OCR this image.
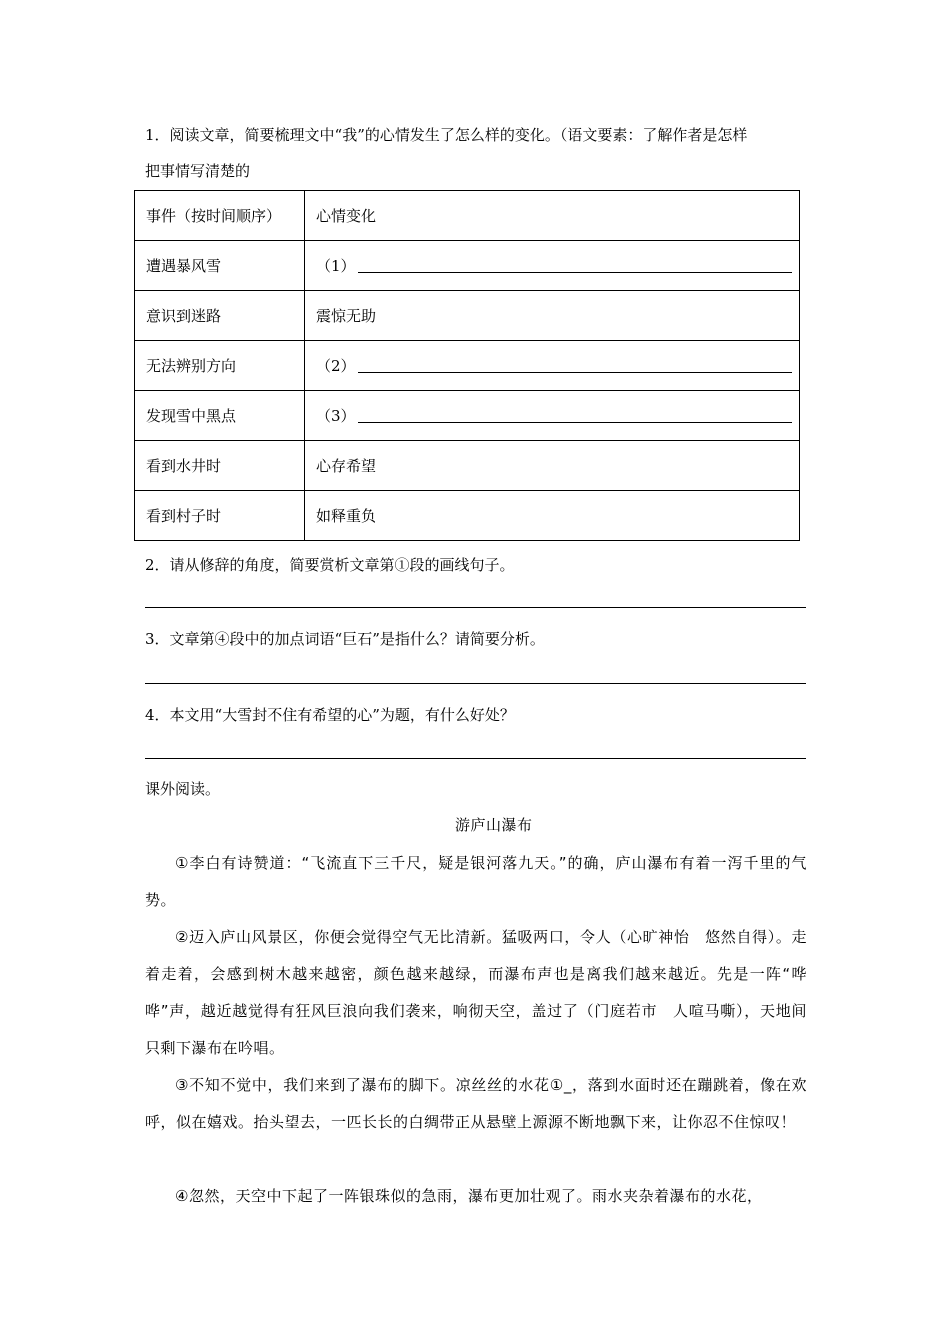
1．阅读文章，简要梳理文中“我”的心情发生了怎么样的变化。（语文要素：了解作者是怎样
把事情写清楚的
事件（按时间顺序）	心情变化
遭遇暴风雪	（1）

意识到迷路	震惊无助
无法辨别方向	（2）

发现雪中黑点	（3）

看到水井时	心存希望
看到村子时	如释重负
2．请从修辞的角度，简要赏析文章第①段的画线句子。
3．文章第④段中的加点词语“巨石”是指什么？请简要分析。
4．本文用“大雪封不住有希望的心”为题，有什么好处？
课外阅读。
游庐山瀑布
①李白有诗赞道：“飞流直下三千尺，疑是银河落九天。”的确，庐山瀑布有着一泻千里的气势。
②迈入庐山风景区，你便会觉得空气无比清新。猛吸两口，令人（心旷神怡　悠然自得）。走着走着，会感到树木越来越密，颜色越来越绿，而瀑布声也是离我们越来越近。先是一阵“哗哗”声，越近越觉得有狂风巨浪向我们袭来，响彻天空，盖过了（门庭若市　人喧马嘶），天地间只剩下瀑布在吟唱。
③不知不觉中，我们来到了瀑布的脚下。凉丝丝的水花①_，落到水面时还在蹦跳着，像在欢呼，似在嬉戏。抬头望去，一匹长长的白绸带正从悬壁上源源不断地飘下来，让你忍不住惊叹！
④忽然，天空中下起了一阵银珠似的急雨，瀑布更加壮观了。雨水夹杂着瀑布的水花，
